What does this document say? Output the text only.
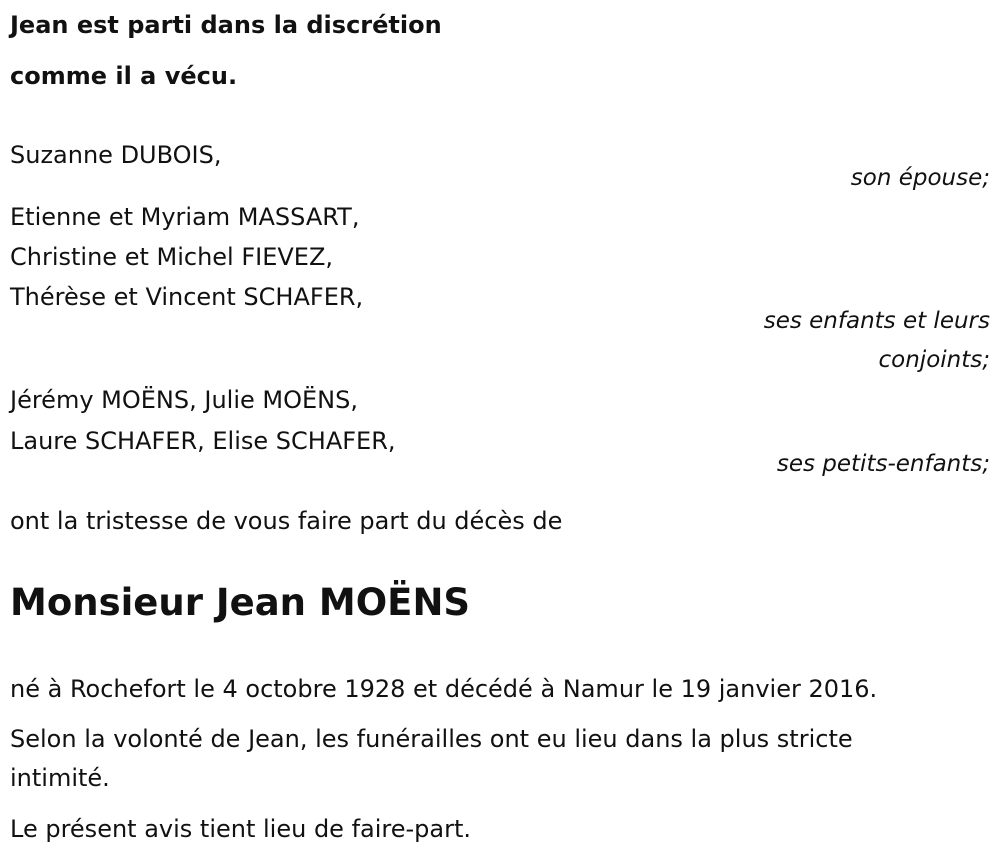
Jean est parti dans la discrétion
comme il a vécu.
Suzanne DUBOIS,
son épouse;
Etienne et Myriam MASSART,
Christine et Michel FIEVEZ,
Thérèse et Vincent SCHAFER,
ses enfants et leurs
conjoints;
Jérémy MOËNS, Julie MOËNS,
Laure SCHAFER, Elise SCHAFER,
ses petits-enfants;
ont la tristesse de vous faire part du décès de
Monsieur Jean MOËNS
né à Rochefort le 4 octobre 1928 et décédé à Namur le 19 janvier 2016.
Selon la volonté de Jean, les funérailles ont eu lieu dans la plus stricte
intimité.
Le présent avis tient lieu de faire-part.
